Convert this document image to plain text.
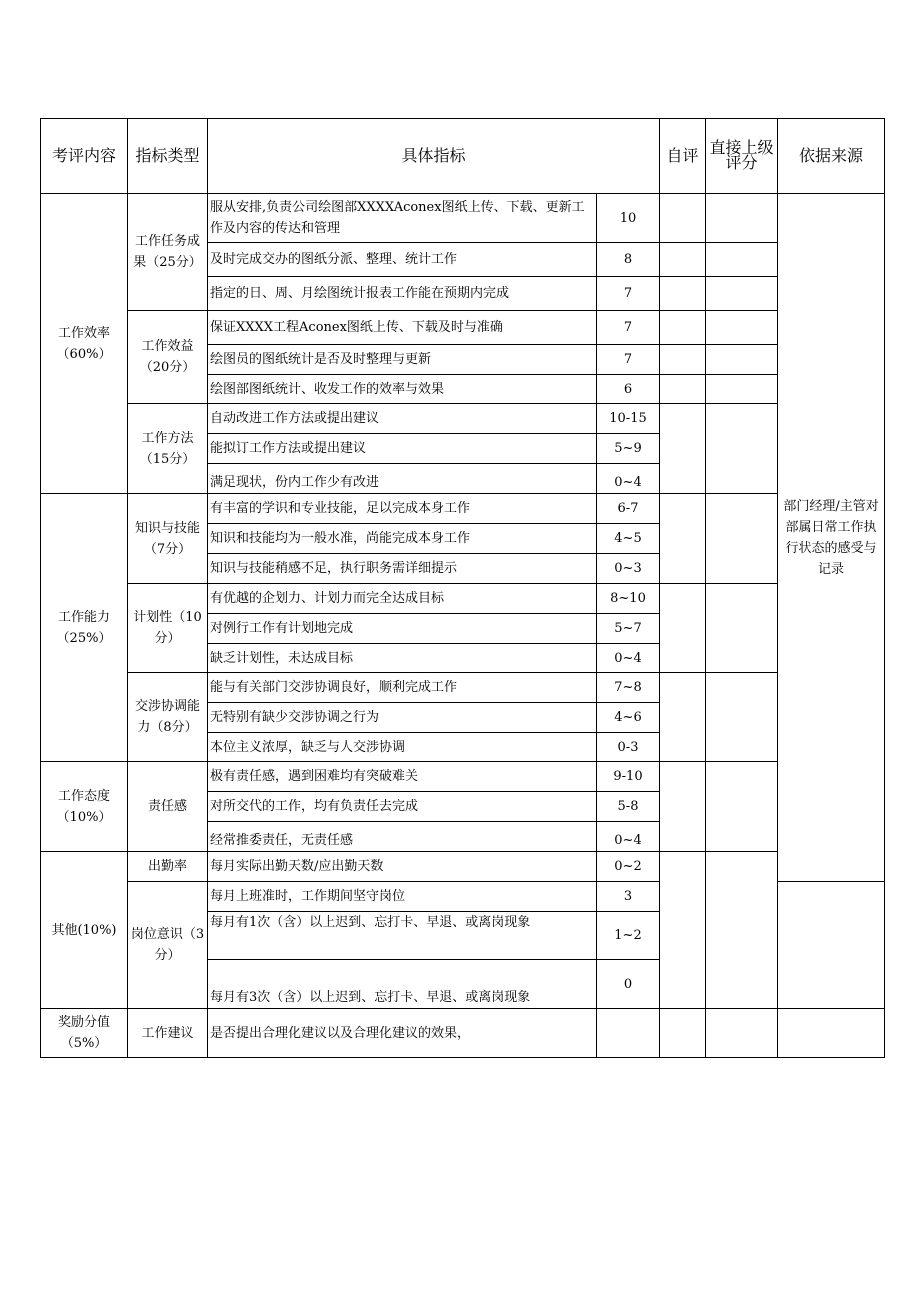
考评内容	指标类型	具体指标		自评	直接上级评分	依据来源	
工作效率（60%）	工作任务成果（25分）	服从安排,负责公司绘图部XXXXAconex图纸上传、下载、更新工作及内容的传达和管理	10			部门经理/主管对部属日常工作执行状态的感受与记录	
		及时完成交办的图纸分派、整理、统计工作	8				
		指定的日、周、月绘图统计报表工作能在预期内完成	7				
	工作效益（20分）	保证XXXX工程Aconex图纸上传、下载及时与准确	7				
		绘图员的图纸统计是否及时整理与更新	7				
		绘图部图纸统计、收发工作的效率与效果	6				
	工作方法（15分）	自动改进工作方法或提出建议	10-15				
		能拟订工作方法或提出建议	5~9				
		满足现状，份内工作少有改进	0~4				
工作能力（25%）	知识与技能（7分）	有丰富的学识和专业技能，足以完成本身工作	6-7				
		知识和技能均为一般水准，尚能完成本身工作	4~5				
		知识与技能稍感不足，执行职务需详细提示	0~3				
	计划性（10分）	有优越的企划力、计划力而完全达成目标	8~10				
		对例行工作有计划地完成	5~7				
		缺乏计划性，未达成目标	0~4				
	交涉协调能力（8分）	能与有关部门交涉协调良好，顺利完成工作	7~8				
		无特别有缺少交涉协调之行为	4~6				
		本位主义浓厚，缺乏与人交涉协调	0-3				
工作态度（10%）	责任感	极有责任感，遇到困难均有突破难关	9-10				
		对所交代的工作，均有负责任去完成	5-8				
		经常推委责任，无责任感	0~4				
其他(10%)	出勤率	每月实际出勤天数/应出勤天数	0~2			
	岗位意识（3分）	每月上班准时，工作期间坚守岗位	3				
		每月有1次（含）以上迟到、忘打卡、早退、或离岗现象	1~2				
		每月有3次（含）以上迟到、忘打卡、早退、或离岗现象	0				
奖励分值（5%）	工作建议	是否提出合理化建议以及合理化建议的效果，					
